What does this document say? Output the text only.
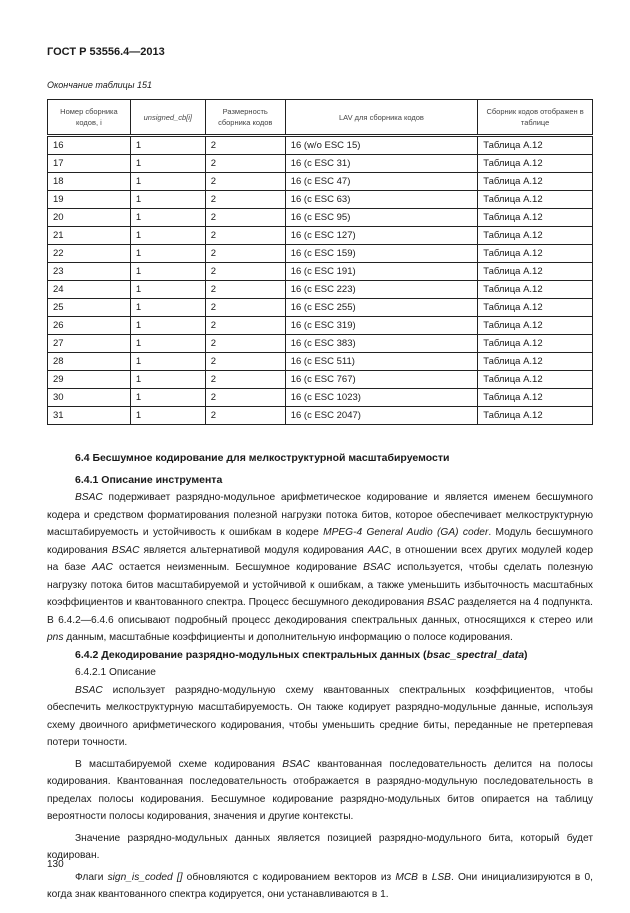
ГОСТ Р 53556.4—2013
Окончание таблицы 151
Номер сборника кодов, i	unsigned_cb[i]	Размерность сборника кодов	LAV для сборника кодов	Сборник кодов отображен в таблице
16	1	2	16 (w/o ESC 15)	Таблица А.12
17	1	2	16 (с ESC 31)	Таблица А.12
18	1	2	16 (с ESC 47)	Таблица А.12
19	1	2	16 (с ESC 63)	Таблица А.12
20	1	2	16 (с ESC 95)	Таблица А.12
21	1	2	16 (с ESC 127)	Таблица А.12
22	1	2	16 (с ESC 159)	Таблица А.12
23	1	2	16 (с ESC 191)	Таблица А.12
24	1	2	16 (с ESC 223)	Таблица А.12
25	1	2	16 (с ESC 255)	Таблица А.12
26	1	2	16 (с ESC 319)	Таблица А.12
27	1	2	16 (с ESC 383)	Таблица А.12
28	1	2	16 (с ESC 511)	Таблица А.12
29	1	2	16 (с ESC 767)	Таблица А.12
30	1	2	16 (с ESC 1023)	Таблица А.12
31	1	2	16 (с ESC 2047)	Таблица А.12

6.4 Бесшумное кодирование для мелкоструктурной масштабируемости

6.4.1 Описание инструмента

BSAC подерживает разрядно-модульное арифметическое кодирование и является именем бесшумного кодера и средством форматирования полезной нагрузки потока битов, которое обеспечивает мелкоструктурную масштабируемость и устойчивость к ошибкам в кодере MPEG-4 General Audio (GA) coder. Модуль бесшумного кодирования BSAC является альтернативой модуля кодирования AAC, в отношении всех других модулей кодер на базе AAC остается неизменным. Бесшумное кодирование BSAC используется, чтобы сделать полезную нагрузку потока битов масштабируемой и устойчивой к ошибкам, а также уменьшить избыточность масштабных коэффициентов и квантованного спектра. Процесс бесшумного декодирования BSAC разделяется на 4 подпункта. В 6.4.2—6.4.6 описывают подробный процесс декодирования спектральных данных, относящихся к стерео или pns данным, масштабные коэффициенты и дополнительную информацию о полосе кодирования.

6.4.2 Декодирование разрядно-модульных спектральных данных (bsac_spectral_data)

6.4.2.1 Описание

BSAC использует разрядно-модульную схему квантованных спектральных коэффициентов, чтобы обеспечить мелкоструктурную масштабируемость. Он также кодирует разрядно-модульные данные, используя схему двоичного арифметического кодирования, чтобы уменьшить средние биты, переданные не претерпевая потери точности.

В масштабируемой схеме кодирования BSAC квантованная последовательность делится на полосы кодирования. Квантованная последовательность отображается в разрядно-модульную последовательность в пределах полосы кодирования. Бесшумное кодирование разрядно-модульных битов опирается на таблицу вероятности полосы кодирования, значения и другие контексты.

Значение разрядно-модульных данных является позицией разрядно-модульного бита, который будет кодирован.

Флаги sign_is_coded [] обновляются с кодированием векторов из MCB в LSB. Они инициализируются в 0, когда знак квантованного спектра кодируется, они устанавливаются в 1.

130
